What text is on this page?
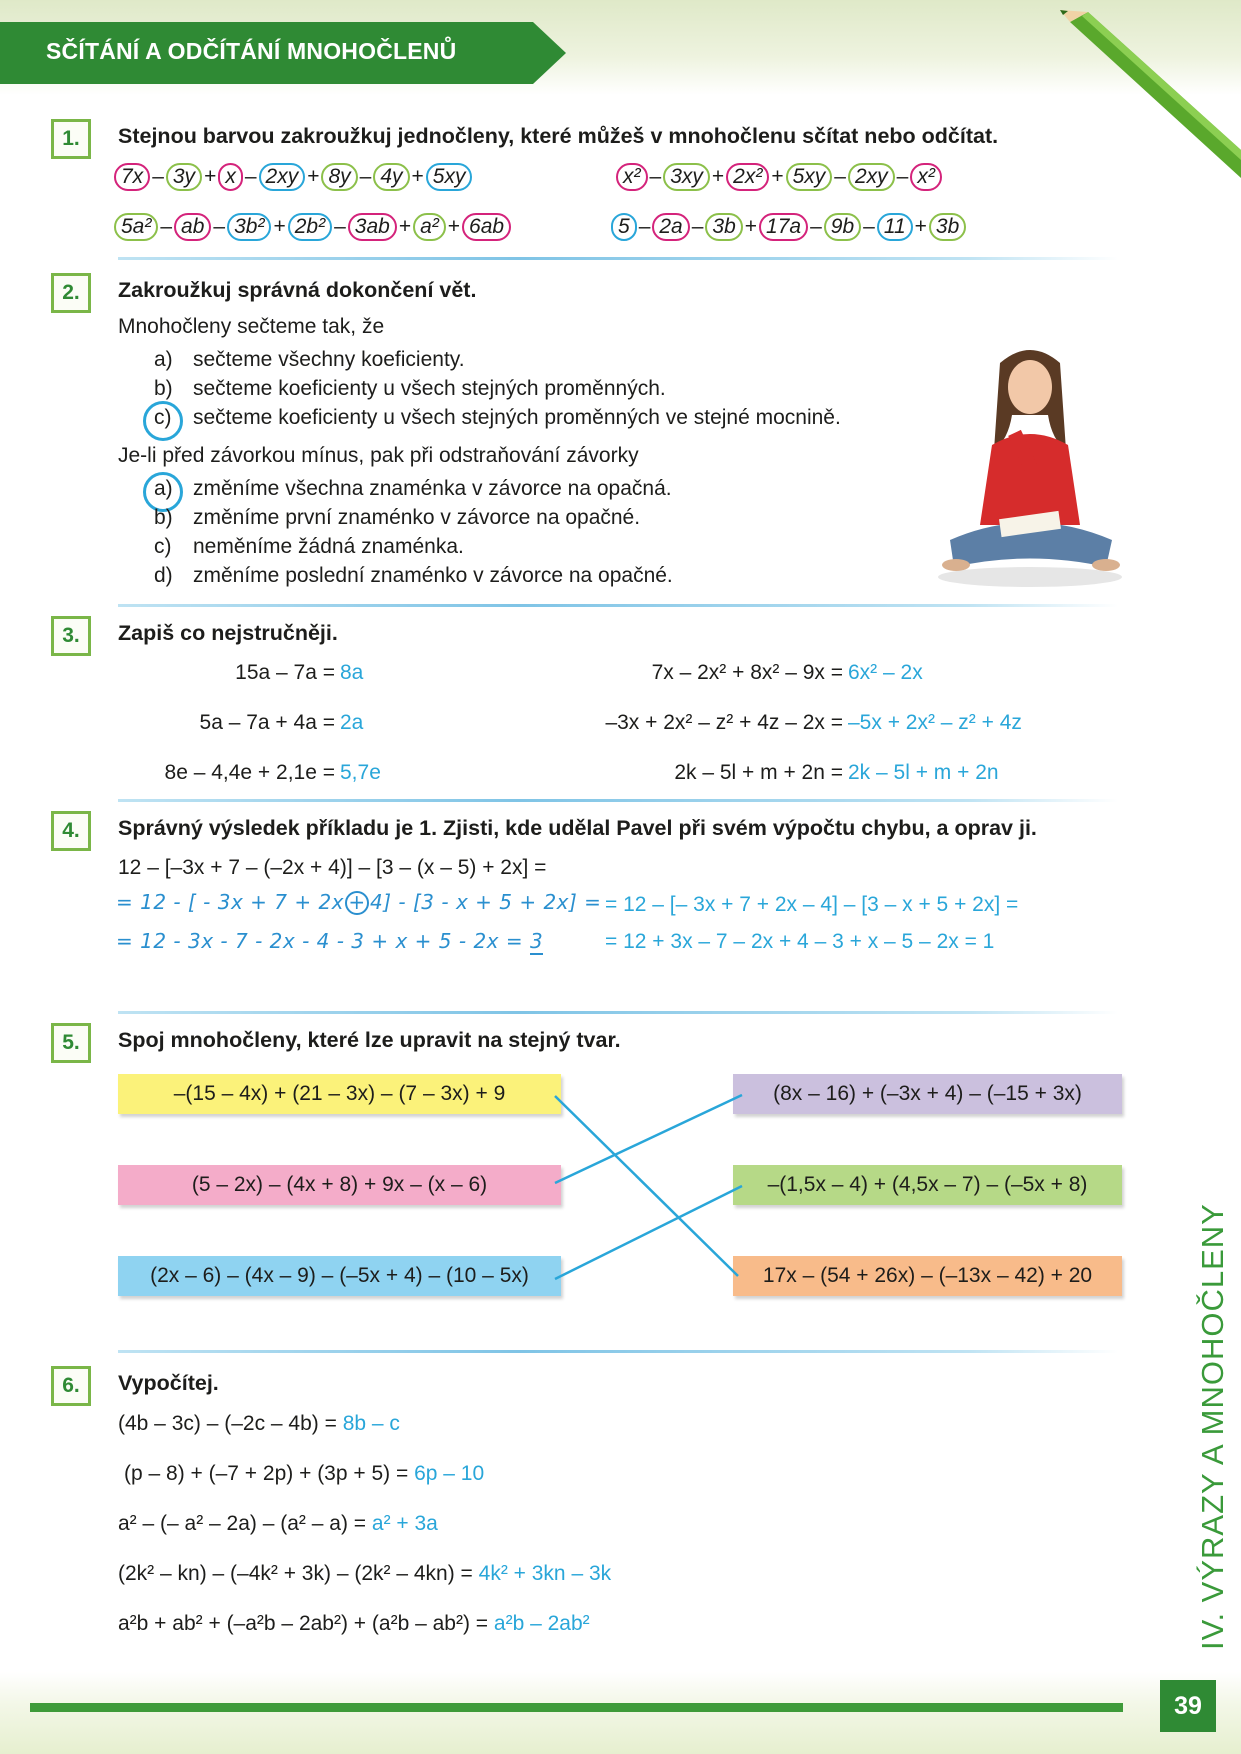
SČÍTÁNÍ A ODČÍTÁNÍ MNOHOČLENŮ
1.	Stejnou barvou zakroužkuj jednočleny, které můžeš v mnohočlenu sčítat nebo odčítat.
7x – 3y + x – 2xy + 8y – 4y + 5xy	x² – 3xy + 2x² + 5xy – 2xy – x²
5a² – ab – 3b² + 2b² – 3ab + a² + 6ab	5 – 2a – 3b + 17a – 9b – 11 + 3b
2.	Zakroužkuj správná dokončení vět.
Mnohočleny sečteme tak, že
a) sečteme všechny koeficienty.
b) sečteme koeficienty u všech stejných proměnných.
c) sečteme koeficienty u všech stejných proměnných ve stejné mocnině.
Je-li před závorkou mínus, pak při odstraňování závorky
a) změníme všechna znaménka v závorce na opačná.
b) změníme první znaménko v závorce na opačné.
c) neměníme žádná znaménka.
d) změníme poslední znaménko v závorce na opačné.
3.	Zapiš co nejstručněji.
15a – 7a = 8a
5a – 7a + 4a = 2a
8e – 4,4e + 2,1e = 5,7e
7x – 2x² + 8x² – 9x = 6x² – 2x
–3x + 2x² – z² + 4z – 2x = –5x + 2x² – z² + 4z
2k – 5l + m + 2n = 2k – 5l + m + 2n
4.	Správný výsledek příkladu je 1. Zjisti, kde udělal Pavel při svém výpočtu chybu, a oprav ji.
12 – [–3x + 7 – (–2x + 4)] – [3 – (x – 5) + 2x] =
= 12 - [ - 3x + 7 + 2x + 4] - [3 - x + 5 + 2x] =
= 12 - 3x - 7 - 2x - 4 - 3 + x + 5 - 2x = 3
= 12 – [– 3x + 7 + 2x – 4] – [3 – x + 5 + 2x] =
= 12 + 3x – 7 – 2x + 4 – 3 + x – 5 – 2x = 1
5.	Spoj mnohočleny, které lze upravit na stejný tvar.
–(15 – 4x) + (21 – 3x) – (7 – 3x) + 9
(5 – 2x) – (4x + 8) + 9x – (x – 6)
(2x – 6) – (4x – 9) – (–5x + 4) – (10 – 5x)
(8x – 16) + (–3x + 4) – (–15 + 3x)
–(1,5x – 4) + (4,5x – 7) – (–5x + 8)
17x – (54 + 26x) – (–13x – 42) + 20
6.	Vypočítej.
(4b – 3c) – (–2c – 4b) = 8b – c
(p – 8) + (–7 + 2p) + (3p + 5) = 6p – 10
a² – (– a² – 2a) – (a² – a) = a² + 3a
(2k² – kn) – (–4k² + 3k) – (2k² – 4kn) = 4k² + 3kn – 3k
a²b + ab² + (–a²b – 2ab²) + (a²b – ab²) = a²b – 2ab²	IV. VÝRAZY A MNOHOČLENY
39
